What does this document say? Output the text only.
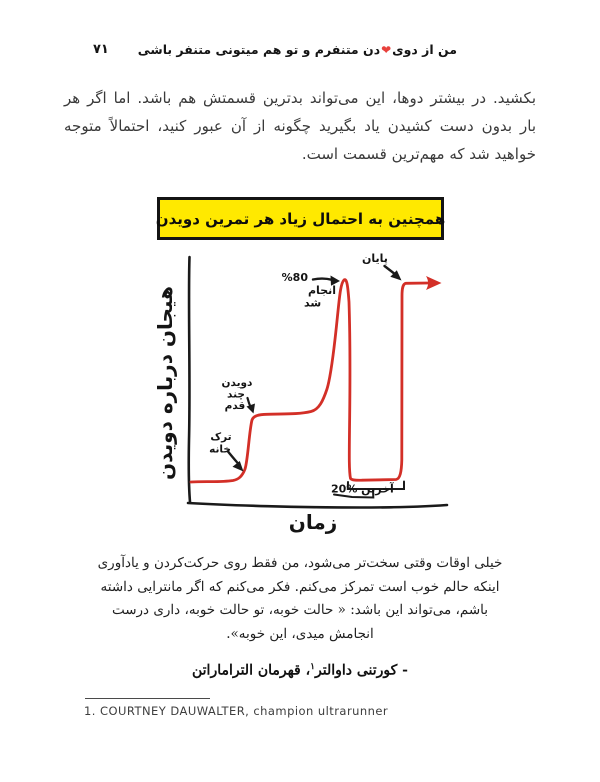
٧١	من از دوی❤دن متنفرم و تو هم میتونی متنفر باشی
بکشید. در بیشتر دوها، این می‌تواند بدترین قسمتش هم باشد. اما اگر هر
بار بدون دست کشیدن یاد بگیرید چگونه از آن عبور کنید، احتمالاً متوجه
خواهید شد که مهم‌ترین قسمت است.
همچنین به احتمال زیاد هر تمرین دویدن
پایان
%80
انجام
شد
دویدن
چند
قدم
ترک
خانه
آخرین %20
زمان
هیجان درباره دویدن
خیلی اوقات وقتی سخت‌تر می‌شود، من فقط روی حرکت‌کردن و یادآوری
اینکه حالم خوب است تمرکز می‌کنم. فکر می‌کنم که اگر مانترایی داشته
باشم، می‌تواند این باشد: « حالت خوبه، تو حالت خوبه، داری درست
انجامش میدی، این خوبه».
- کورتنی داوالتر$^۱$، قهرمان التراماراتن
1. COURTNEY DAUWALTER, champion ultrarunner
